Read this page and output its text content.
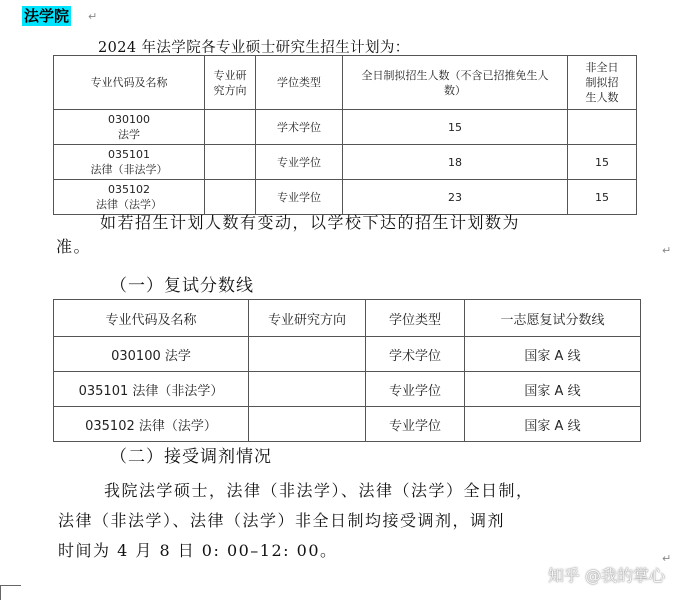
法学院 ↵
2024 年法学院各专业硕士研究生招生计划为：
专业代码及名称	专业研究方向	学位类型	全日制拟招生人数（不含已招推免生人数）	非全日制拟招生人数

030100
法学		学术学位	15	

035101
法律（非法学）		专业学位	18	15

035102
法律（法学）		专业学位	23	15
如若招生计划人数有变动，以学校下达的招生计划数为
准。	↵
（一）复试分数线
专业代码及名称	专业研究方向	学位类型	一志愿复试分数线
030100 法学		学术学位	国家 A 线
035101 法律（非法学）		专业学位	国家 A 线
035102 法律（法学）		专业学位	国家 A 线
（二）接受调剂情况
我院法学硕士，法律（非法学）、法律（法学）全日制，
法律（非法学）、法律（法学）非全日制均接受调剂，调剂
时间为 4 月 8 日 0: 00–12: 00。	↵
知乎 @我的掌心
